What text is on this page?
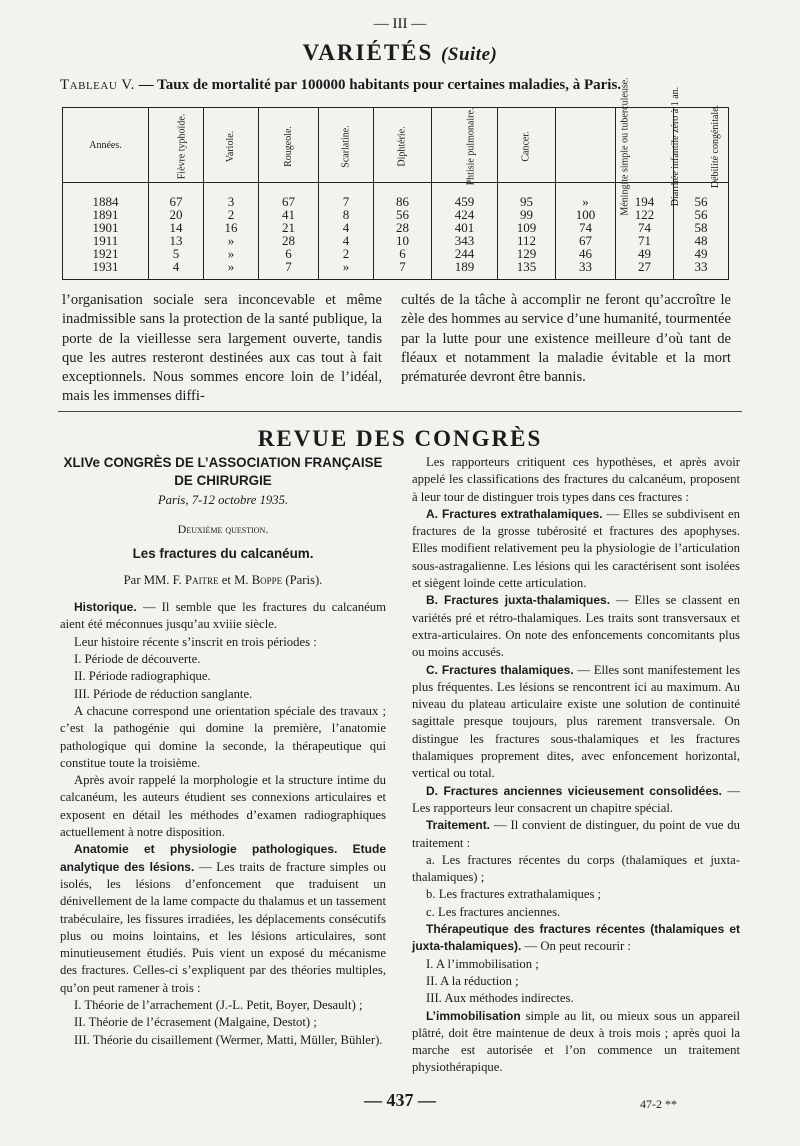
— III —
VARIÉTÉS (Suite)
Tableau V. — Taux de mortalité par 100000 habitants pour certaines maladies, à Paris.
Années.	Fièvre typhoïde.	Variole.	Rougeole.	Scarlatine.	Diphtérie.	Phtisie pulmonaire.	Cancer.	Méningite simple ou tuberculeuse.	Diarrhée infantile zéro à 1 an.	Débilité congénitale.
1884	67	3	67	7	86	459	95	»	194	56
1891	20	2	41	8	56	424	99	100	122	56
1901	14	16	21	4	28	401	109	74	74	58
1911	13	»	28	4	10	343	112	67	71	48
1921	5	»	6	2	6	244	129	46	49	49
1931	4	»	7	»	7	189	135	33	27	33

l’organisation sociale sera inconcevable et même inadmissible sans la protection de la santé publique, la porte de la vieillesse sera largement ouverte, tandis que les autres resteront destinées aux cas tout à fait exceptionnels. Nous sommes encore loin de l’idéal, mais les immenses diffi-

cultés de la tâche à accomplir ne feront qu’accroître le zèle des hommes au service d’une humanité, tourmentée par la lutte pour une existence meilleure d’où tant de fléaux et notamment la maladie évitable et la mort prématurée devront être bannis.

REVUE DES CONGRÈS

XLIVe CONGRÈS DE L’ASSOCIATION FRANÇAISE

DE CHIRURGIE

Paris, 7-12 octobre 1935.

Deuxième question.

Les fractures du calcanéum.

Par MM. F. Paitre et M. Boppe (Paris).

Historique. — Il semble que les fractures du calcanéum aient été méconnues jusqu’au xviiie siècle.

Leur histoire récente s’inscrit en trois périodes :

I. Période de découverte.

II. Période radiographique.

III. Période de réduction sanglante.

A chacune correspond une orientation spéciale des travaux ; c’est la pathogénie qui domine la première, l’anatomie pathologique qui domine la seconde, la thérapeutique qui constitue toute la troisième.

Après avoir rappelé la morphologie et la structure intime du calcanéum, les auteurs étudient ses connexions articulaires et exposent en détail les méthodes d’examen radiographiques actuellement à notre disposition.

Anatomie et physiologie pathologiques. Etude analytique des lésions. — Les traits de fracture simples ou isolés, les lésions d’enfoncement que traduisent un dénivellement de la lame compacte du thalamus et un tassement trabéculaire, les fissures irradiées, les déplacements consécutifs plus ou moins lointains, et les lésions articulaires, sont minutieusement étudiés. Puis vient un exposé du mécanisme des fractures. Celles-ci s’expliquent par des théories multiples, qu’on peut ramener à trois :

I. Théorie de l’arrachement (J.-L. Petit, Boyer, Desault) ;

II. Théorie de l’écrasement (Malgaine, Destot) ;

III. Théorie du cisaillement (Wermer, Matti, Müller, Bühler).

Les rapporteurs critiquent ces hypothèses, et après avoir appelé les classifications des fractures du calcanéum, proposent à leur tour de distinguer trois types dans ces fractures :

A. Fractures extrathalamiques. — Elles se subdivisent en fractures de la grosse tubérosité et fractures des apophyses. Elles modifient relativement peu la physiologie de l’articulation sous-astragalienne. Les lésions qui les caractérisent sont isolées et siègent loinde cette articulation.

B. Fractures juxta-thalamiques. — Elles se classent en variétés pré et rétro-thalamiques. Les traits sont transversaux et extra-articulaires. On note des enfoncements concomitants plus ou moins accusés.

C. Fractures thalamiques. — Elles sont manifestement les plus fréquentes. Les lésions se rencontrent ici au maximum. Au niveau du plateau articulaire existe une solution de continuité sagittale presque toujours, plus rarement transversale. On distingue les fractures sous-thalamiques et les fractures thalamiques proprement dites, avec enfoncement horizontal, vertical ou total.

D. Fractures anciennes vicieusement consolidées. — Les rapporteurs leur consacrent un chapitre spécial.

Traitement. — Il convient de distinguer, du point de vue du traitement :

a. Les fractures récentes du corps (thalamiques et juxta-thalamiques) ;

b. Les fractures extrathalamiques ;

c. Les fractures anciennes.

Thérapeutique des fractures récentes (thalamiques et juxta-thalamiques). — On peut recourir :

I. A l’immobilisation ;

II. A la réduction ;

III. Aux méthodes indirectes.

L’immobilisation simple au lit, ou mieux sous un appareil plâtré, doit être maintenue de deux à trois mois ; après quoi la marche est autorisée et l’on commence un traitement physiothérapique.

— 437 —	47-2 **
